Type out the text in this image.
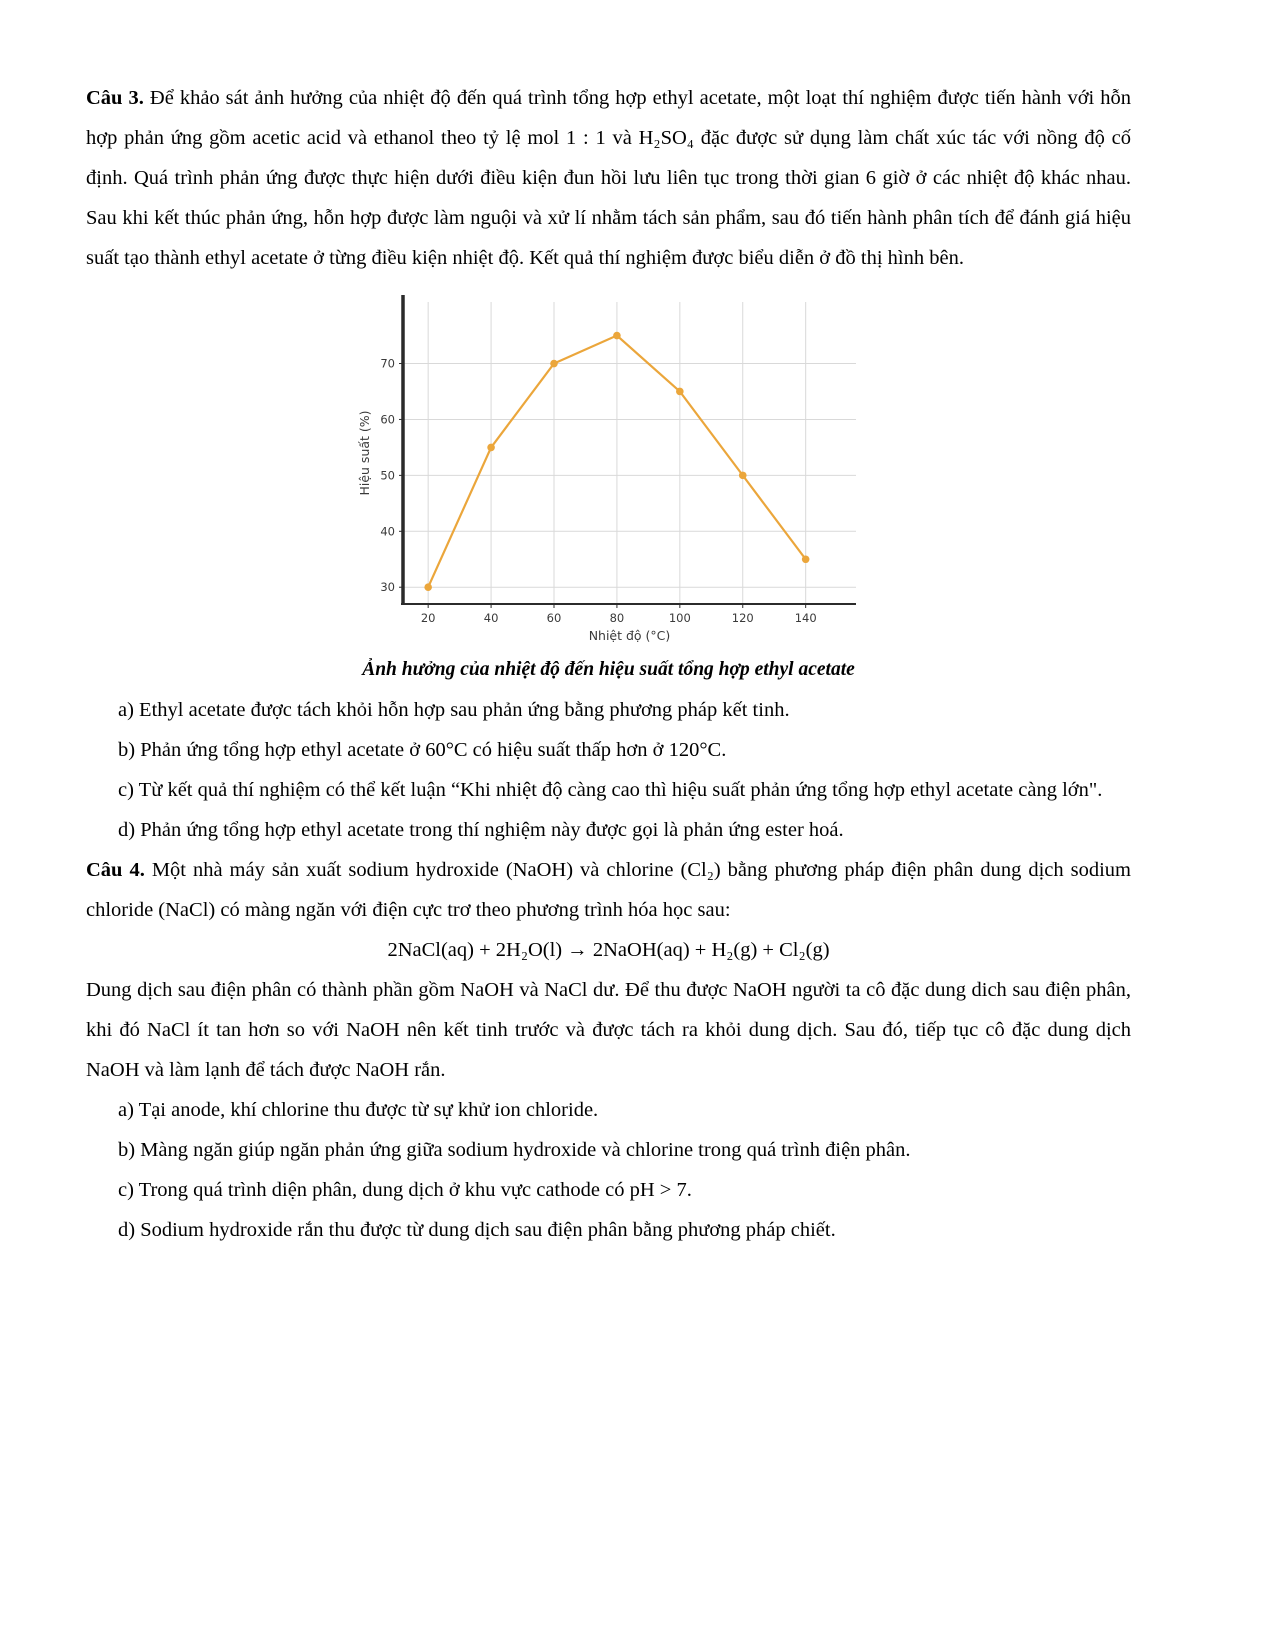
Câu 3. Để khảo sát ảnh hưởng của nhiệt độ đến quá trình tổng hợp ethyl acetate, một loạt thí nghiệm được tiến hành với hỗn hợp phản ứng gồm acetic acid và ethanol theo tỷ lệ mol 1 : 1 và H₂SO₄ đặc được sử dụng làm chất xúc tác với nồng độ cố định. Quá trình phản ứng được thực hiện dưới điều kiện đun hồi lưu liên tục trong thời gian 6 giờ ở các nhiệt độ khác nhau. Sau khi kết thúc phản ứng, hỗn hợp được làm nguội và xử lí nhằm tách sản phẩm, sau đó tiến hành phân tích để đánh giá hiệu suất tạo thành ethyl acetate ở từng điều kiện nhiệt độ. Kết quả thí nghiệm được biểu diễn ở đồ thị hình bên.

20	40	60	80	100	120	140
30
40
50
60
70
Nhiệt độ (°C)
Hiệu suất (%)
Ảnh hưởng của nhiệt độ đến hiệu suất tổng hợp ethyl acetate

a) Ethyl acetate được tách khỏi hỗn hợp sau phản ứng bằng phương pháp kết tinh.

b) Phản ứng tổng hợp ethyl acetate ở 60°C có hiệu suất thấp hơn ở 120°C.

c) Từ kết quả thí nghiệm có thể kết luận “Khi nhiệt độ càng cao thì hiệu suất phản ứng tổng hợp ethyl acetate càng lớn".

d) Phản ứng tổng hợp ethyl acetate trong thí nghiệm này được gọi là phản ứng ester hoá.

Câu 4. Một nhà máy sản xuất sodium hydroxide (NaOH) và chlorine (Cl₂) bằng phương pháp điện phân dung dịch sodium chloride (NaCl) có màng ngăn với điện cực trơ theo phương trình hóa học sau:

2NaCl(aq) + 2H₂O(l) → 2NaOH(aq) + H₂(g) + Cl₂(g)

Dung dịch sau điện phân có thành phần gồm NaOH và NaCl dư. Để thu được NaOH người ta cô đặc dung dich sau điện phân, khi đó NaCl ít tan hơn so với NaOH nên kết tinh trước và được tách ra khỏi dung dịch. Sau đó, tiếp tục cô đặc dung dịch NaOH và làm lạnh để tách được NaOH rắn.

a) Tại anode, khí chlorine thu được từ sự khử ion chloride.

b) Màng ngăn giúp ngăn phản ứng giữa sodium hydroxide và chlorine trong quá trình điện phân.

c) Trong quá trình diện phân, dung dịch ở khu vực cathode có pH > 7.

d) Sodium hydroxide rắn thu được từ dung dịch sau điện phân bằng phương pháp chiết.
